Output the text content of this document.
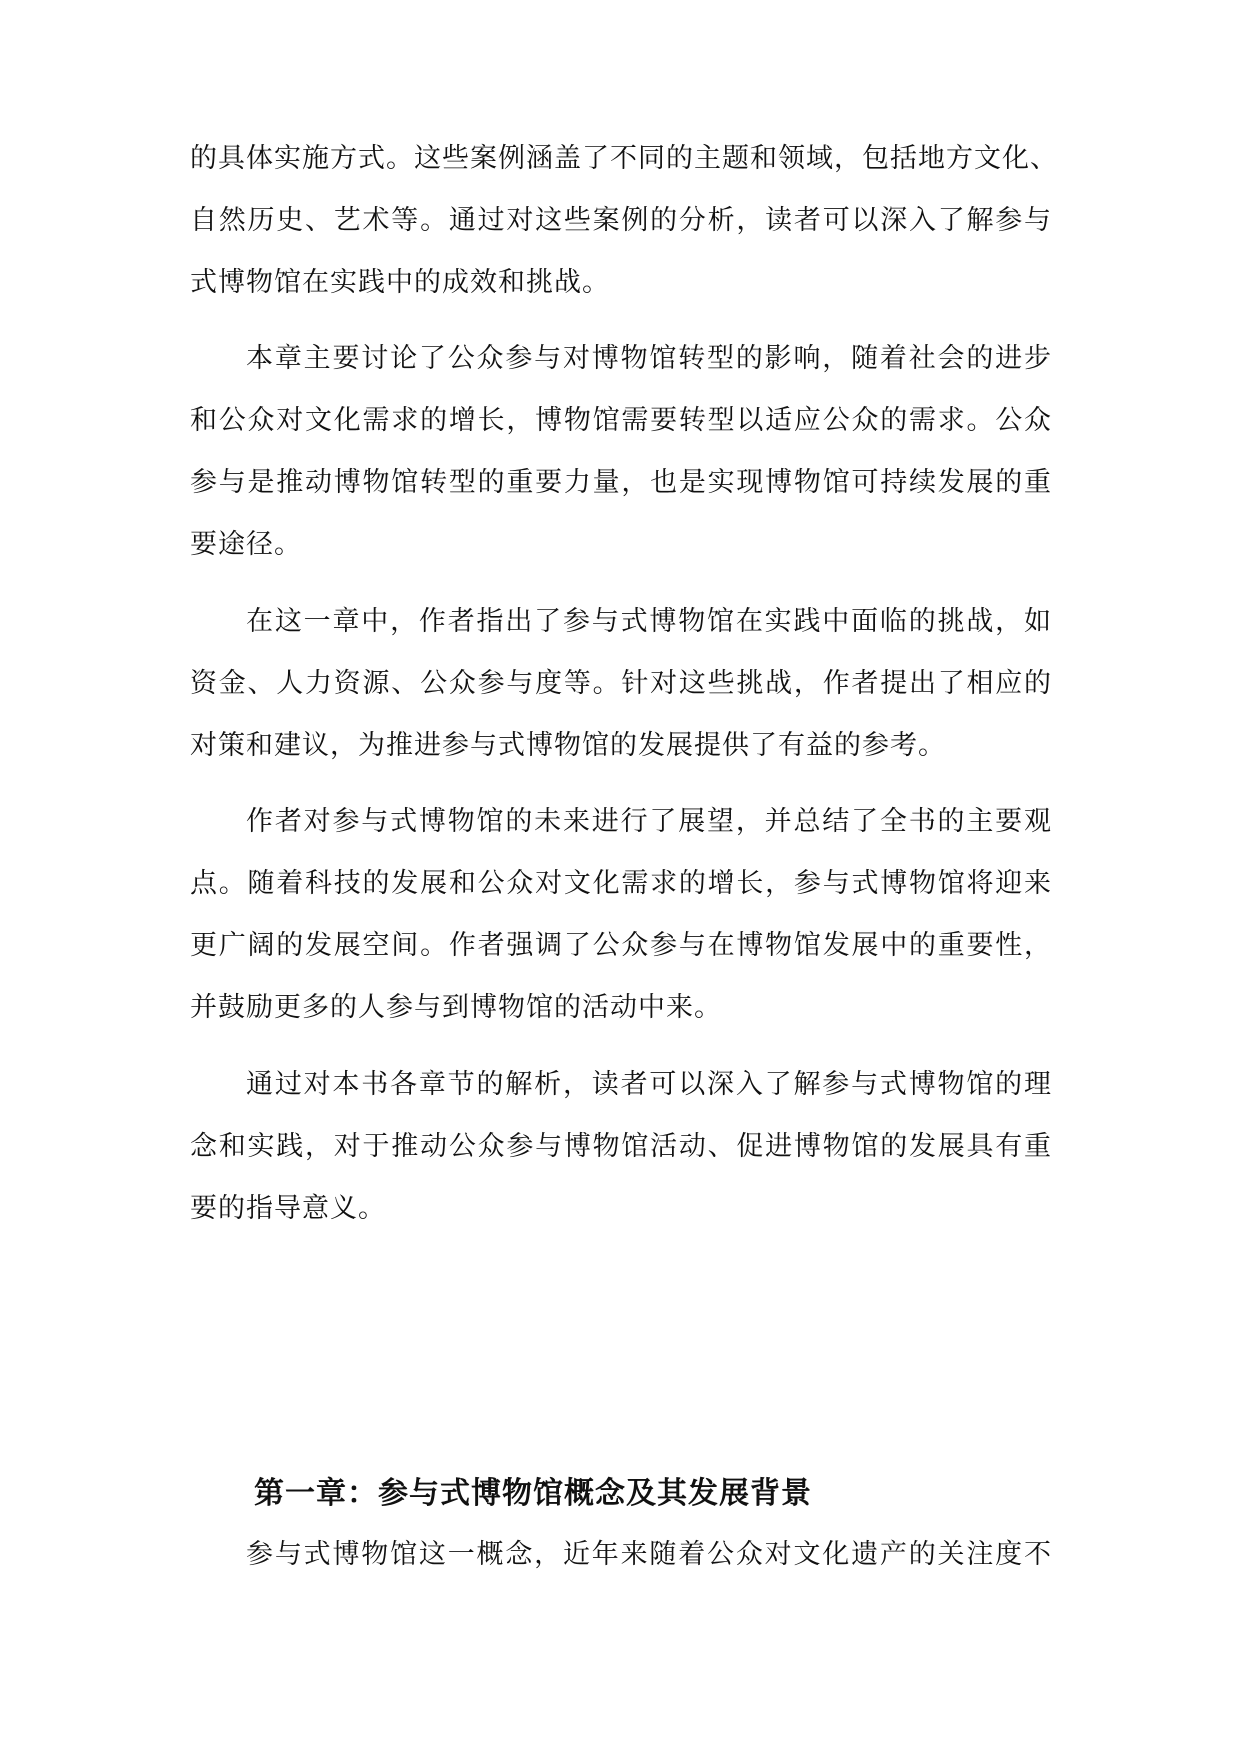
的具体实施方式。这些案例涵盖了不同的主题和领域，包括地方文化、
自然历史、艺术等。通过对这些案例的分析，读者可以深入了解参与
式博物馆在实践中的成效和挑战。
本章主要讨论了公众参与对博物馆转型的影响，随着社会的进步
和公众对文化需求的增长，博物馆需要转型以适应公众的需求。公众
参与是推动博物馆转型的重要力量，也是实现博物馆可持续发展的重
要途径。
在这一章中，作者指出了参与式博物馆在实践中面临的挑战，如
资金、人力资源、公众参与度等。针对这些挑战，作者提出了相应的
对策和建议，为推进参与式博物馆的发展提供了有益的参考。
作者对参与式博物馆的未来进行了展望，并总结了全书的主要观
点。随着科技的发展和公众对文化需求的增长，参与式博物馆将迎来
更广阔的发展空间。作者强调了公众参与在博物馆发展中的重要性，
并鼓励更多的人参与到博物馆的活动中来。
通过对本书各章节的解析，读者可以深入了解参与式博物馆的理
念和实践，对于推动公众参与博物馆活动、促进博物馆的发展具有重
要的指导意义。
第一章：参与式博物馆概念及其发展背景
参与式博物馆这一概念，近年来随着公众对文化遗产的关注度不
